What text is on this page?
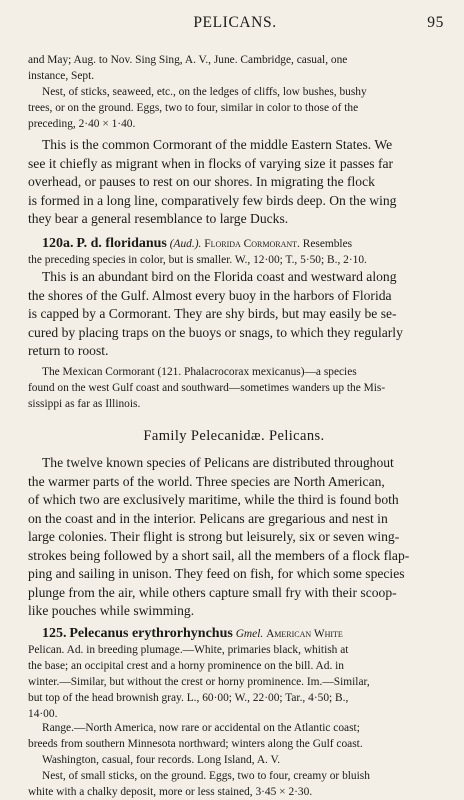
PELICANS.	95
and May; Aug. to Nov. Sing Sing, A. V., June. Cambridge, casual, one
instance, Sept.
Nest, of sticks, seaweed, etc., on the ledges of cliffs, low bushes, bushy
trees, or on the ground. Eggs, two to four, similar in color to those of the
preceding, 2·40 × 1·40.
This is the common Cormorant of the middle Eastern States. We
see it chiefly as migrant when in flocks of varying size it passes far
overhead, or pauses to rest on our shores. In migrating the flock
is formed in a long line, comparatively few birds deep. On the wing
they bear a general resemblance to large Ducks.
120a. P. d. floridanus (Aud.). Florida Cormorant. Resembles
the preceding species in color, but is smaller. W., 12·00; T., 5·50; B., 2·10.
This is an abundant bird on the Florida coast and westward along
the shores of the Gulf. Almost every buoy in the harbors of Florida
is capped by a Cormorant. They are shy birds, but may easily be se-
cured by placing traps on the buoys or snags, to which they regularly
return to roost.
The Mexican Cormorant (121. Phalacrocorax mexicanus)—a species
found on the west Gulf coast and southward—sometimes wanders up the Mis-
sissippi as far as Illinois.
Family Pelecanidæ. Pelicans.
The twelve known species of Pelicans are distributed throughout
the warmer parts of the world. Three species are North American,
of which two are exclusively maritime, while the third is found both
on the coast and in the interior. Pelicans are gregarious and nest in
large colonies. Their flight is strong but leisurely, six or seven wing-
strokes being followed by a short sail, all the members of a flock flap-
ping and sailing in unison. They feed on fish, for which some species
plunge from the air, while others capture small fry with their scoop-
like pouches while swimming.
125. Pelecanus erythrorhynchus Gmel. American White
Pelican. Ad. in breeding plumage.—White, primaries black, whitish at
the base; an occipital crest and a horny prominence on the bill. Ad. in
winter.—Similar, but without the crest or horny prominence. Im.—Similar,
but top of the head brownish gray. L., 60·00; W., 22·00; Tar., 4·50; B.,
14·00.
Range.—North America, now rare or accidental on the Atlantic coast;
breeds from southern Minnesota northward; winters along the Gulf coast.
Washington, casual, four records. Long Island, A. V.
Nest, of small sticks, on the ground. Eggs, two to four, creamy or bluish
white with a chalky deposit, more or less stained, 3·45 × 2·30.
